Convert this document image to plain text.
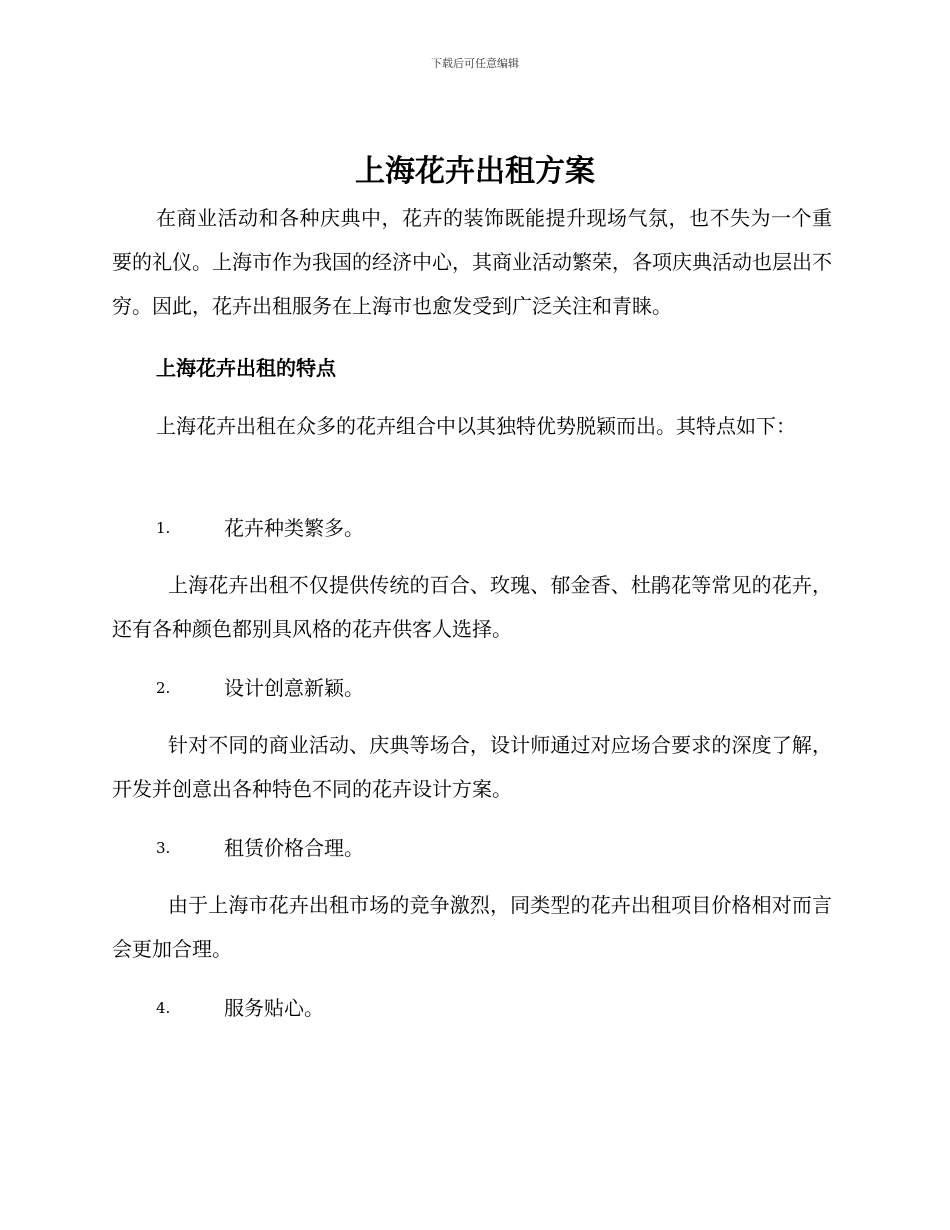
下载后可任意编辑
上海花卉出租方案

在商业活动和各种庆典中，花卉的装饰既能提升现场气氛，也不失为一个重要的礼仪。上海市作为我国的经济中心，其商业活动繁荣，各项庆典活动也层出不穷。因此，花卉出租服务在上海市也愈发受到广泛关注和青睐。

上海花卉出租的特点

上海花卉出租在众多的花卉组合中以其独特优势脱颖而出。其特点如下：

1.	花卉种类繁多。

上海花卉出租不仅提供传统的百合、玫瑰、郁金香、杜鹃花等常见的花卉，还有各种颜色都别具风格的花卉供客人选择。

2.	设计创意新颖。

针对不同的商业活动、庆典等场合，设计师通过对应场合要求的深度了解，开发并创意出各种特色不同的花卉设计方案。

3.	租赁价格合理。

由于上海市花卉出租市场的竞争激烈，同类型的花卉出租项目价格相对而言会更加合理。

4.	服务贴心。
